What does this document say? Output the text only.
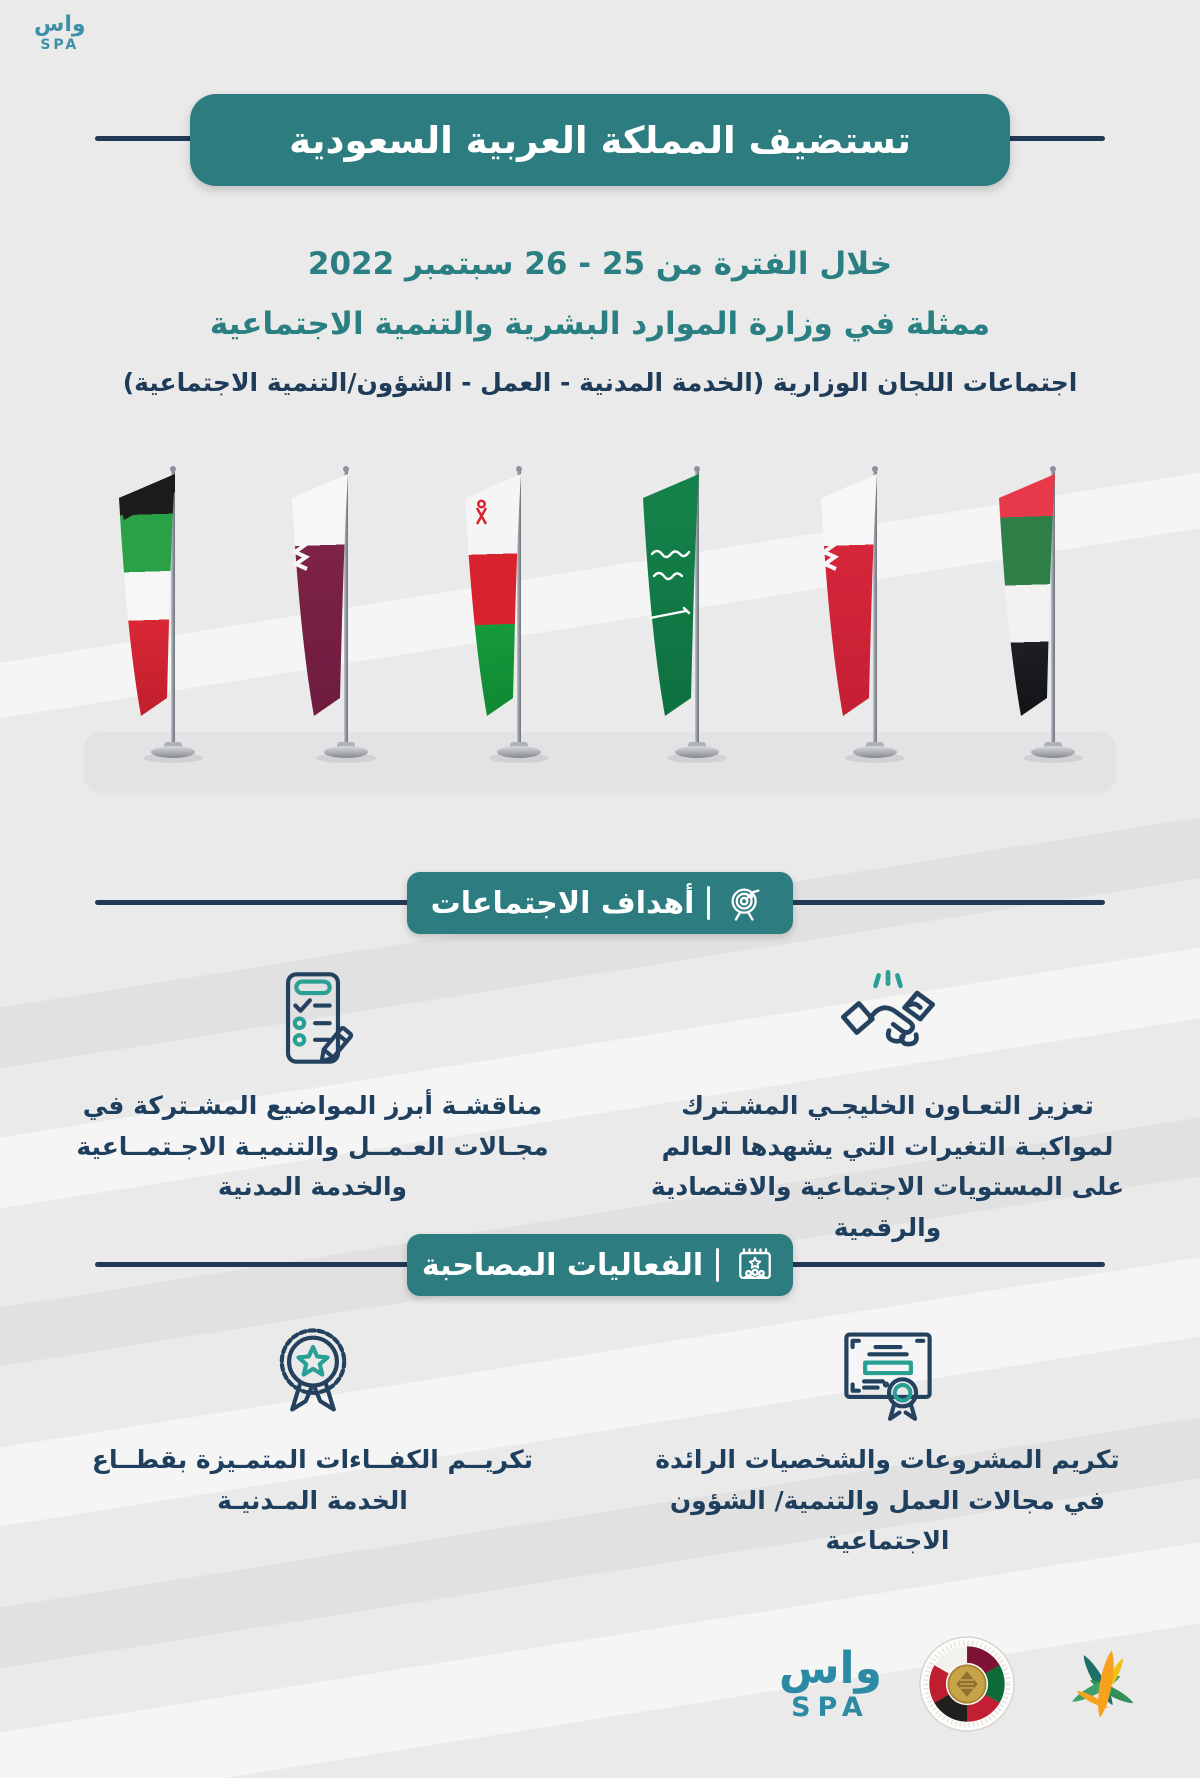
واس
SPA
تستضيف المملكة العربية السعودية
خلال الفترة من 25 - 26 سبتمبر 2022
ممثلة في وزارة الموارد البشرية والتنمية الاجتماعية
اجتماعات اللجان الوزارية (الخدمة المدنية - العمل - الشؤون/التنمية الاجتماعية)
أهداف الاجتماعات
تعزيز التعـاون الخليجـي المشـترك لمواكبـة التغيرات التي يشهدها العالم على المستويات الاجتماعية والاقتصادية والرقمية
مناقشـة أبرز المواضيع المشـتركة في مجـالات العـمــل والتنميـة الاجـتمــاعية والخدمة المدنية
الفعاليات المصاحبة
تكريم المشروعات والشخصيات الرائدة في مجالات العمل والتنمية/ الشؤون الاجتماعية
تكريــم الكفــاءات المتمـيزة بقطــاع الخدمة المـدنيـة
واس
SPA
